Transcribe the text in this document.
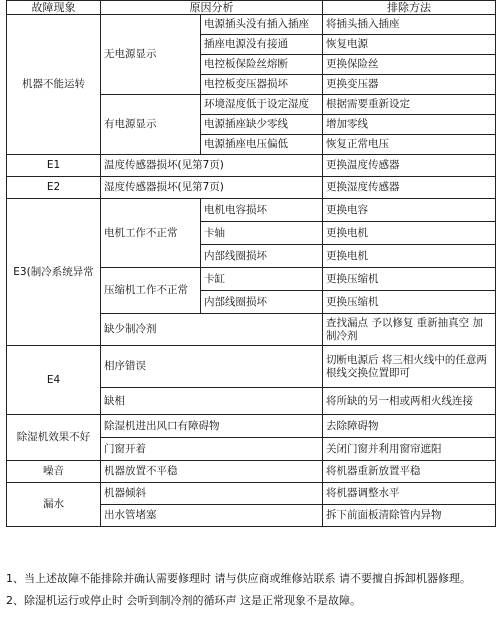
故障现象	原因分析		排除方法
机器不能运转	无电源显示	电源插头没有插入插座	将插头插入插座
		插座电源没有接通	恢复电源
		电控板保险丝熔断	更换保险丝
		电控板变压器损坏	更换变压器
	有电源显示	环境湿度低于设定湿度	根据需要重新设定
		电源插座缺少零线	增加零线
		电源插座电压偏低	恢复正常电压
E1	温度传感器损坏(见第7页)		更换温度传感器
E2	湿度传感器损坏(见第7页)		更换湿度传感器
E3(制冷系统异常	电机工作不正常	电机电容损坏	更换电容
		卡轴	更换电机
		内部线圈损坏	更换电机
	压缩机工作不正常	卡缸	更换压缩机
		内部线圈损坏	更换压缩机
	缺少制冷剂		查找漏点 予以修复 重新抽真空 加制冷剂
E4	相序错误		切断电源后 将三相火线中的任意两根线交换位置即可
	缺相		将所缺的另一相或两相火线连接
除湿机效果不好	除湿机进出风口有障碍物		去除障碍物
	门窗开着		关闭门窗并利用窗帘遮阳
噪音	机器放置不平稳		将机器重新放置平稳
漏水	机器倾斜		将机器调整水平
	出水管堵塞		拆下前面板清除管内异物

1、当上述故障不能排除并确认需要修理时 请与供应商或维修站联系 请不要擅自拆卸机器修理。

2、除湿机运行或停止时 会听到制冷剂的循环声 这是正常现象不是故障。
